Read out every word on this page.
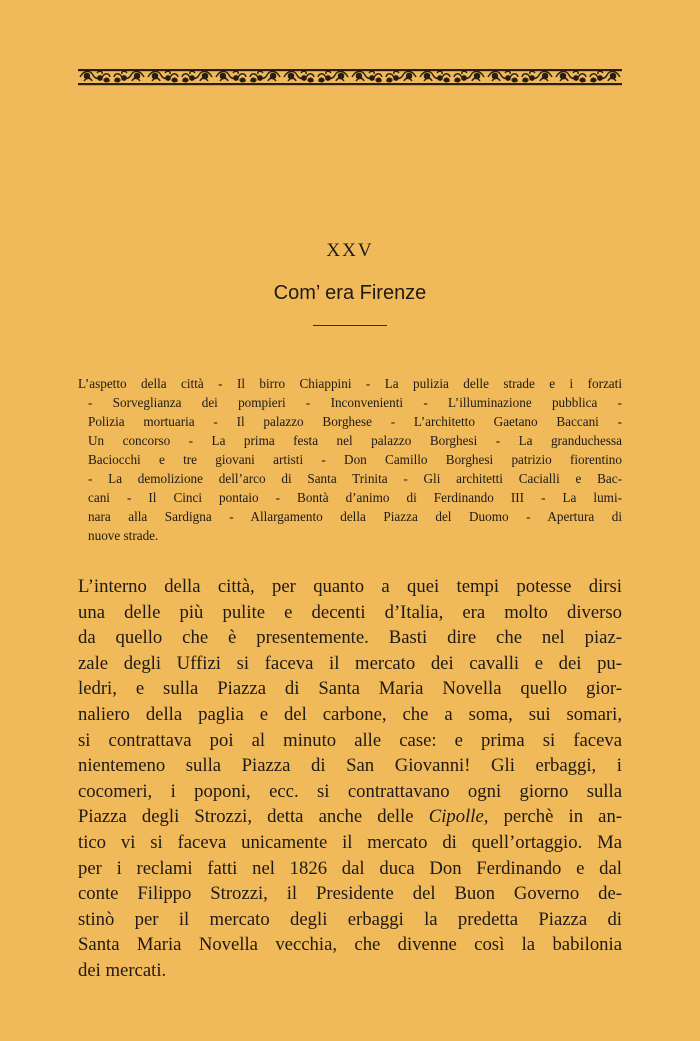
XXV
Com’ era Firenze
L’aspetto della città - Il birro Chiappini - La pulizia delle strade e i forzati
- Sorveglianza dei pompieri - Inconvenienti - L’illuminazione pubblica -
Polizia mortuaria - Il palazzo Borghese - L’architetto Gaetano Baccani -
Un concorso - La prima festa nel palazzo Borghesi - La granduchessa
Baciocchi e tre giovani artisti - Don Camillo Borghesi patrizio fiorentino
- La demolizione dell’arco di Santa Trinita - Gli architetti Cacialli e Bac-
cani - Il Cinci pontaio - Bontà d’animo di Ferdinando III - La lumi-
nara alla Sardigna - Allargamento della Piazza del Duomo - Apertura di
nuove strade.
L’interno della città, per quanto a quei tempi potesse dirsi
una delle più pulite e decenti d’Italia, era molto diverso
da quello che è presentemente. Basti dire che nel piaz-
zale degli Uffizi si faceva il mercato dei cavalli e dei pu-
ledri, e sulla Piazza di Santa Maria Novella quello gior-
naliero della paglia e del carbone, che a soma, sui somari,
si contrattava poi al minuto alle case: e prima si faceva
nientemeno sulla Piazza di San Giovanni! Gli erbaggi, i
cocomeri, i poponi, ecc. si contrattavano ogni giorno sulla
Piazza degli Strozzi, detta anche delle Cipolle, perchè in an-
tico vi si faceva unicamente il mercato di quell’ortaggio. Ma
per i reclami fatti nel 1826 dal duca Don Ferdinando e dal
conte Filippo Strozzi, il Presidente del Buon Governo de-
stinò per il mercato degli erbaggi la predetta Piazza di
Santa Maria Novella vecchia, che divenne così la babilonia
dei mercati.
